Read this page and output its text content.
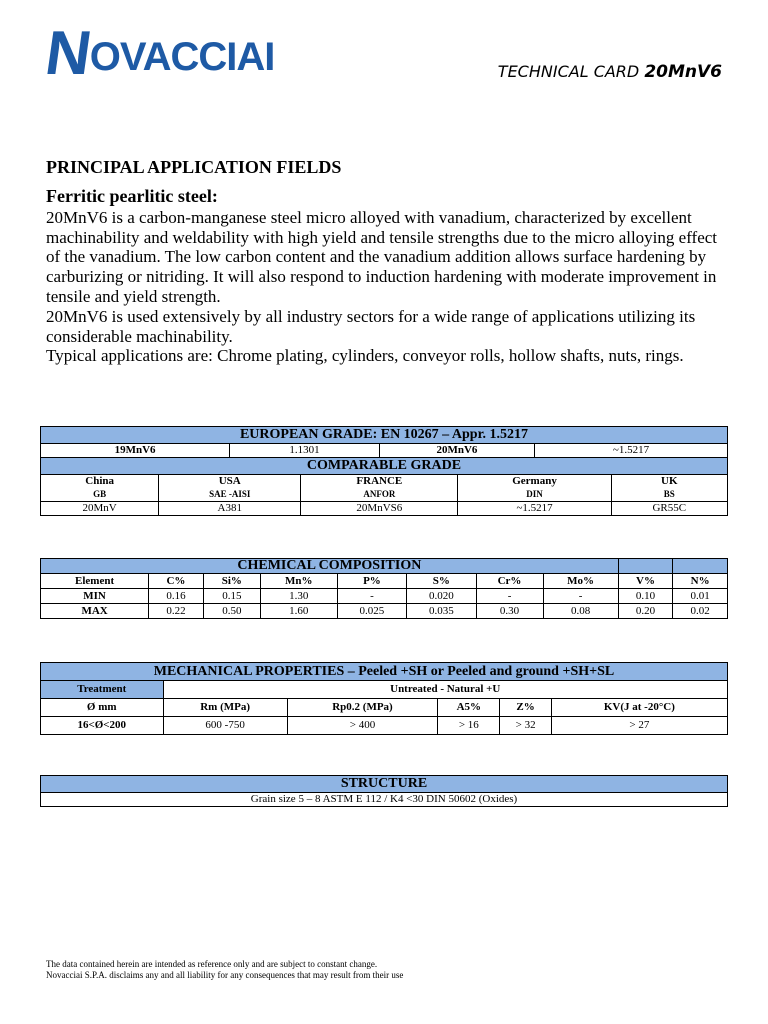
NOVACCIAI	TECHNICAL CARD 20MnV6
PRINCIPAL APPLICATION FIELDS
Ferritic pearlitic steel:

20MnV6 is a carbon-manganese steel micro alloyed with vanadium, characterized by excellent machinability and weldability with high yield and tensile strengths due to the micro alloying effect of the vanadium. The low carbon content and the vanadium addition allows surface hardening by carburizing or nitriding. It will also respond to induction hardening with moderate improvement in tensile and yield strength.

20MnV6 is used extensively by all industry sectors for a wide range of applications utilizing its considerable machinability.

Typical applications are: Chrome plating, cylinders, conveyor rolls, hollow shafts, nuts, rings.

EUROPEAN GRADE: EN 10267 – Appr. 1.5217							
19MnV6		1.1301		20MnV6		~1.5217	
COMPARABLE GRADE							
China	USA		FRANCE		Germany		UK
GB	SAE -AISI		ANFOR		DIN		BS
20MnV	A381		20MnVS6		~1.5217		GR55C
CHEMICAL COMPOSITION									
Element	C%	Si%	Mn%	P%	S%	Cr%	Mo%	V%	N%
MIN	0.16	0.15	1.30	-	0.020	-	-	0.10	0.01
MAX	0.22	0.50	1.60	0.025	0.035	0.30	0.08	0.20	0.02
MECHANICAL PROPERTIES – Peeled +SH or Peeled and ground +SH+SL					
Treatment	Untreated - Natural +U				
Ø mm	Rm (MPa)	Rp0.2 (MPa)	A5%	Z%	KV(J at -20°C)
16<Ø<200	600 -750	> 400	> 16	> 32	> 27
STRUCTURE
Grain size 5 – 8 ASTM E 112 / K4 <30 DIN 50602 (Oxides)
The data contained herein are intended as reference only and are subject to constant change.
Novacciai S.P.A. disclaims any and all liability for any consequences that may result from their use
